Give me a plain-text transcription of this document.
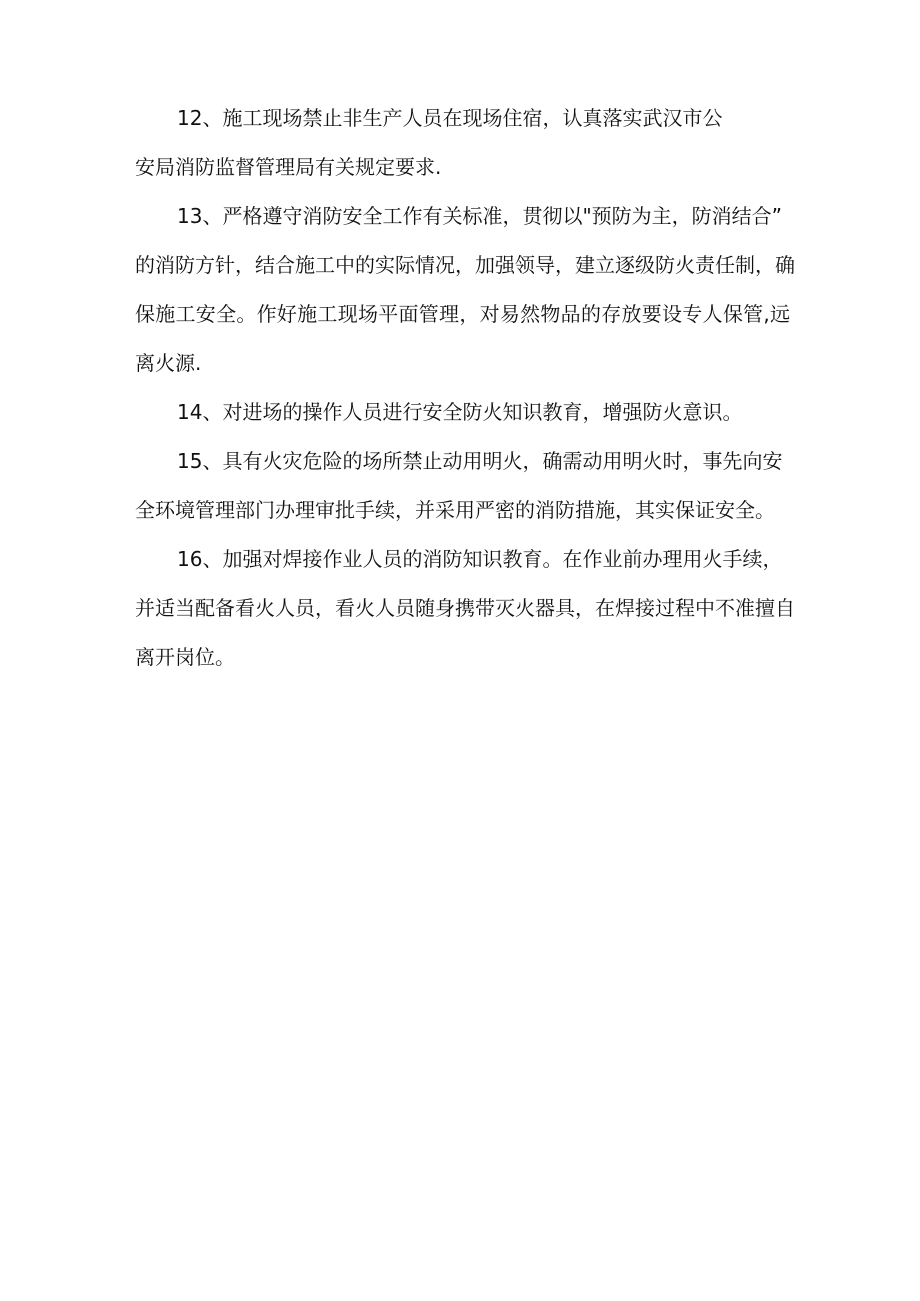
12、施工现场禁止非生产人员在现场住宿，认真落实武汉市公
安局消防监督管理局有关规定要求.
13、严格遵守消防安全工作有关标准，贯彻以"预防为主，防消结合”
的消防方针，结合施工中的实际情况，加强领导，建立逐级防火责任制，确
保施工安全。作好施工现场平面管理，对易然物品的存放要设专人保管,远
离火源.
14、对进场的操作人员进行安全防火知识教育，增强防火意识。
15、具有火灾危险的场所禁止动用明火，确需动用明火时，事先向安
全环境管理部门办理审批手续，并采用严密的消防措施，其实保证安全。
16、加强对焊接作业人员的消防知识教育。在作业前办理用火手续，
并适当配备看火人员，看火人员随身携带灭火器具，在焊接过程中不准擅自
离开岗位。
